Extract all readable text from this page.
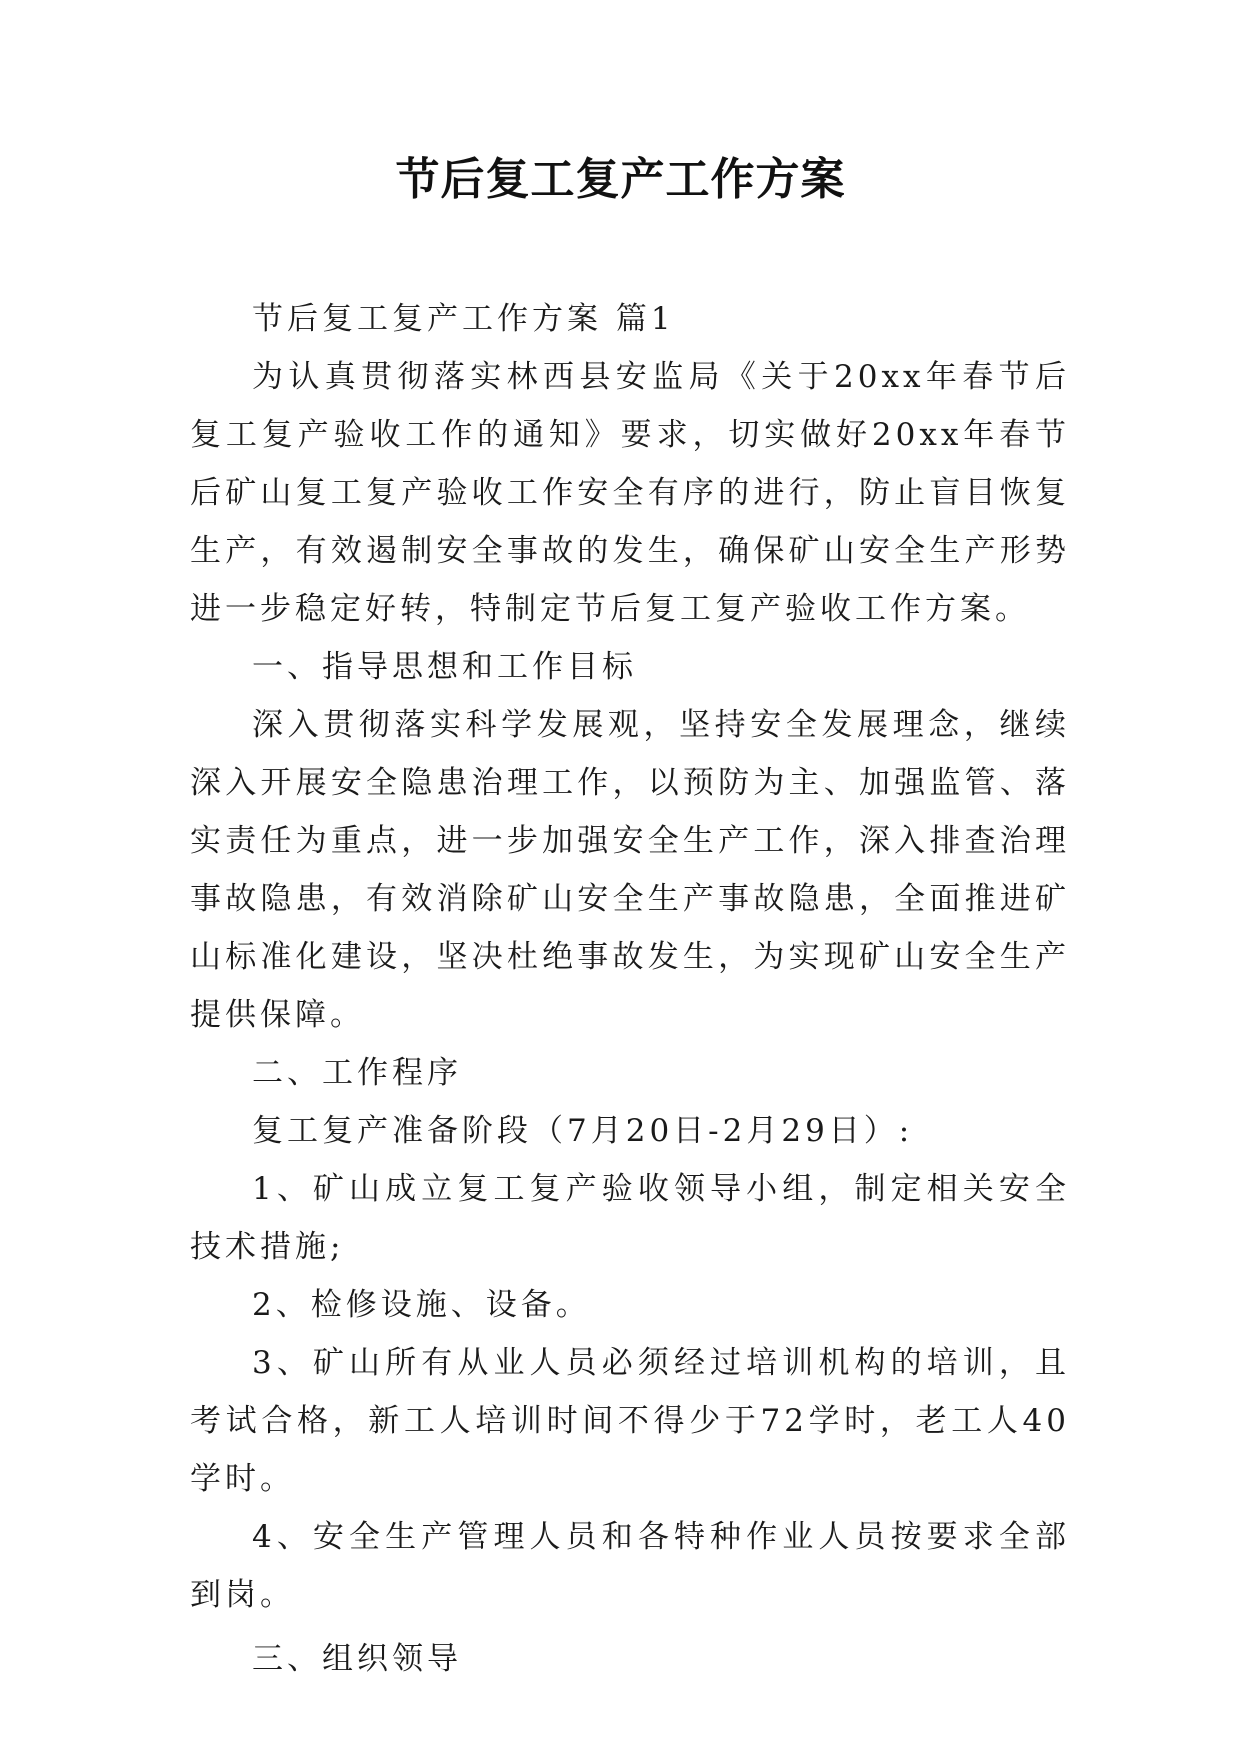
节后复工复产工作方案

节后复工复产工作方案 篇1

为认真贯彻落实林西县安监局《关于20xx年春节后复工复产验收工作的通知》要求，切实做好20xx年春节后矿山复工复产验收工作安全有序的进行，防止盲目恢复生产，有效遏制安全事故的发生，确保矿山安全生产形势进一步稳定好转，特制定节后复工复产验收工作方案。

一、指导思想和工作目标

深入贯彻落实科学发展观，坚持安全发展理念，继续深入开展安全隐患治理工作，以预防为主、加强监管、落实责任为重点，进一步加强安全生产工作，深入排查治理事故隐患，有效消除矿山安全生产事故隐患，全面推进矿山标准化建设，坚决杜绝事故发生，为实现矿山安全生产提供保障。

二、工作程序

复工复产准备阶段（7月20日-2月29日）:

1、矿山成立复工复产验收领导小组，制定相关安全技术措施;

2、检修设施、设备。

3、矿山所有从业人员必须经过培训机构的培训，且考试合格，新工人培训时间不得少于72学时，老工人40学时。

4、安全生产管理人员和各特种作业人员按要求全部到岗。

三、组织领导
